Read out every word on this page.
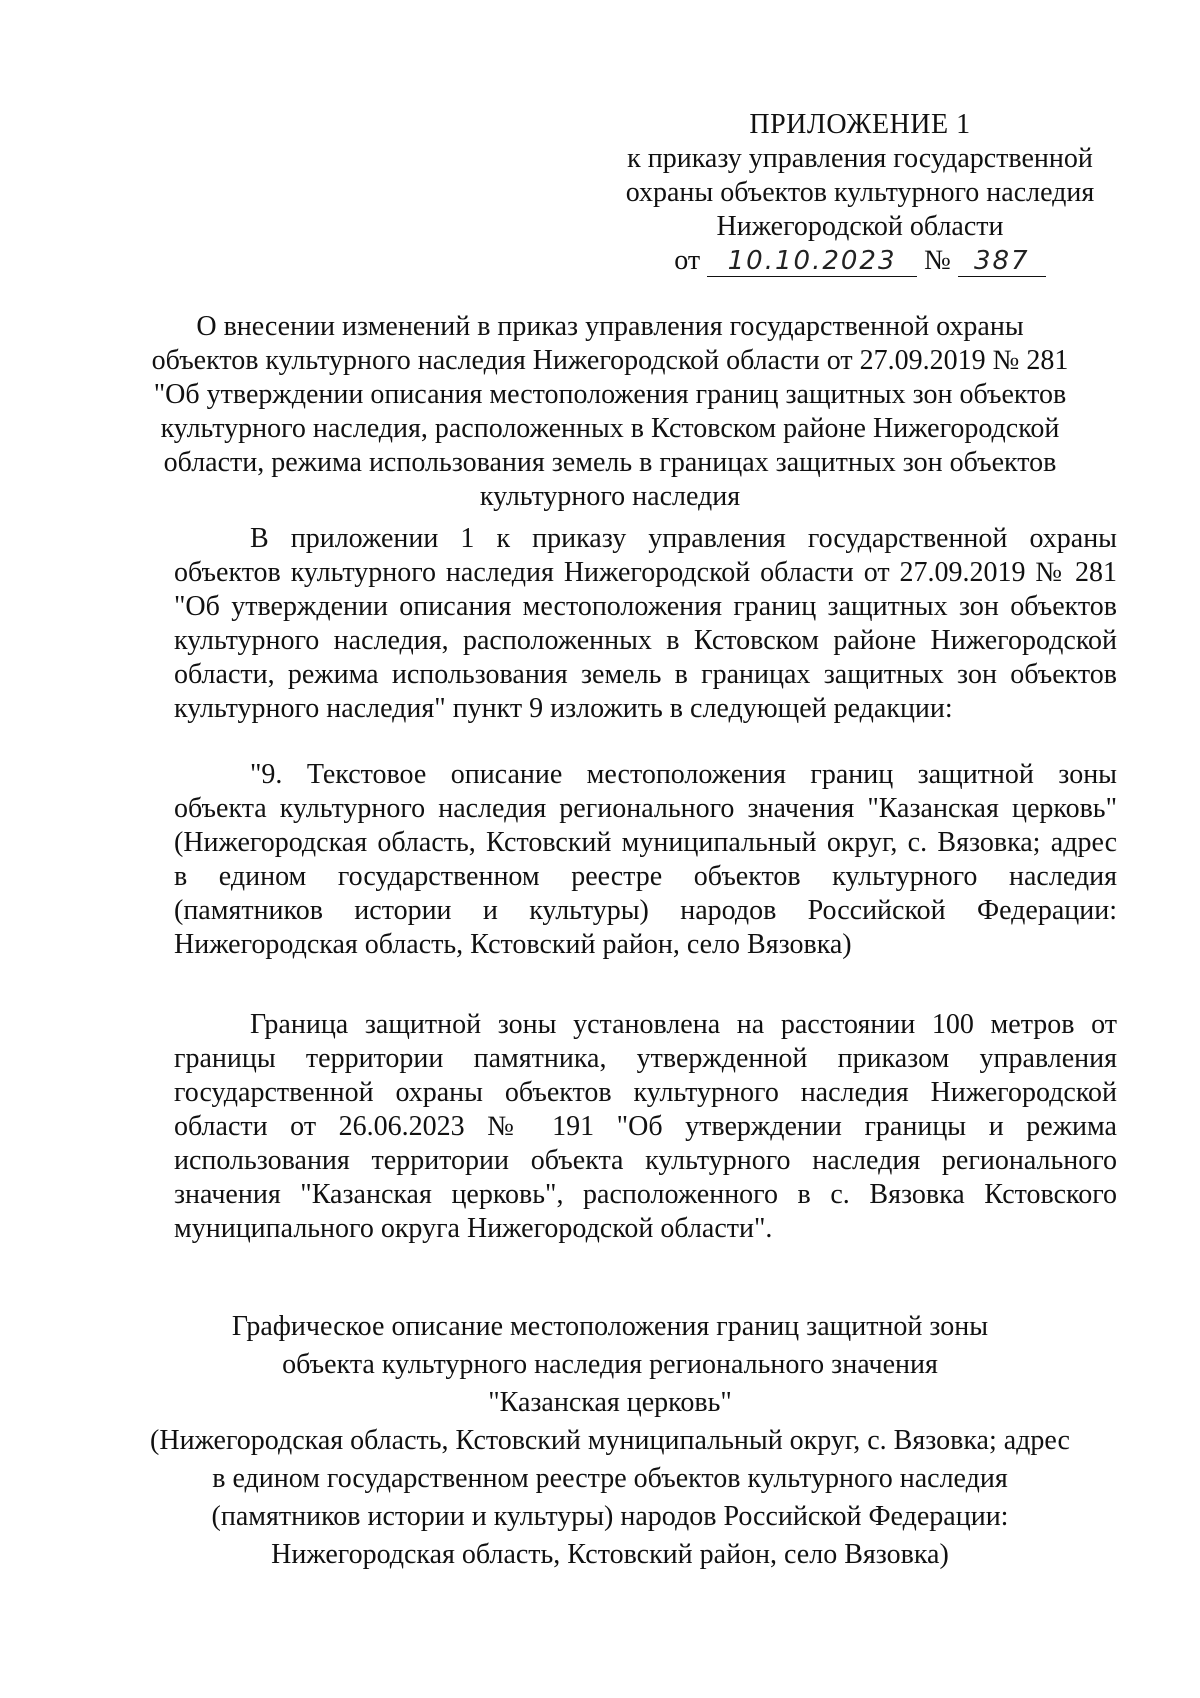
ПРИЛОЖЕНИЕ 1
к приказу управления государственной
охраны объектов культурного наследия
Нижегородской области
от 10.10.2023 № 387
О внесении изменений в приказ управления государственной охраны
объектов культурного наследия Нижегородской области от 27.09.2019 № 281
"Об утверждении описания местоположения границ защитных зон объектов
культурного наследия, расположенных в Кстовском районе Нижегородской
области, режима использования земель в границах защитных зон объектов
культурного наследия
В приложении 1 к приказу управления государственной охраны
объектов культурного наследия Нижегородской области от 27.09.2019 № 281
"Об утверждении описания местоположения границ защитных зон объектов
культурного наследия, расположенных в Кстовском районе Нижегородской
области, режима использования земель в границах защитных зон объектов
культурного наследия" пункт 9 изложить в следующей редакции:
"9. Текстовое описание местоположения границ защитной зоны
объекта культурного наследия регионального значения "Казанская церковь"
(Нижегородская область, Кстовский муниципальный округ, с. Вязовка; адрес
в едином государственном реестре объектов культурного наследия
(памятников истории и культуры) народов Российской Федерации:
Нижегородская область, Кстовский район, село Вязовка)
Граница защитной зоны установлена на расстоянии 100 метров от
границы территории памятника, утвержденной приказом управления
государственной охраны объектов культурного наследия Нижегородской
области от 26.06.2023 № 191 "Об утверждении границы и режима
использования территории объекта культурного наследия регионального
значения "Казанская церковь", расположенного в с. Вязовка Кстовского
муниципального округа Нижегородской области".
Графическое описание местоположения границ защитной зоны
объекта культурного наследия регионального значения
"Казанская церковь"
(Нижегородская область, Кстовский муниципальный округ, с. Вязовка; адрес
в едином государственном реестре объектов культурного наследия
(памятников истории и культуры) народов Российской Федерации:
Нижегородская область, Кстовский район, село Вязовка)
